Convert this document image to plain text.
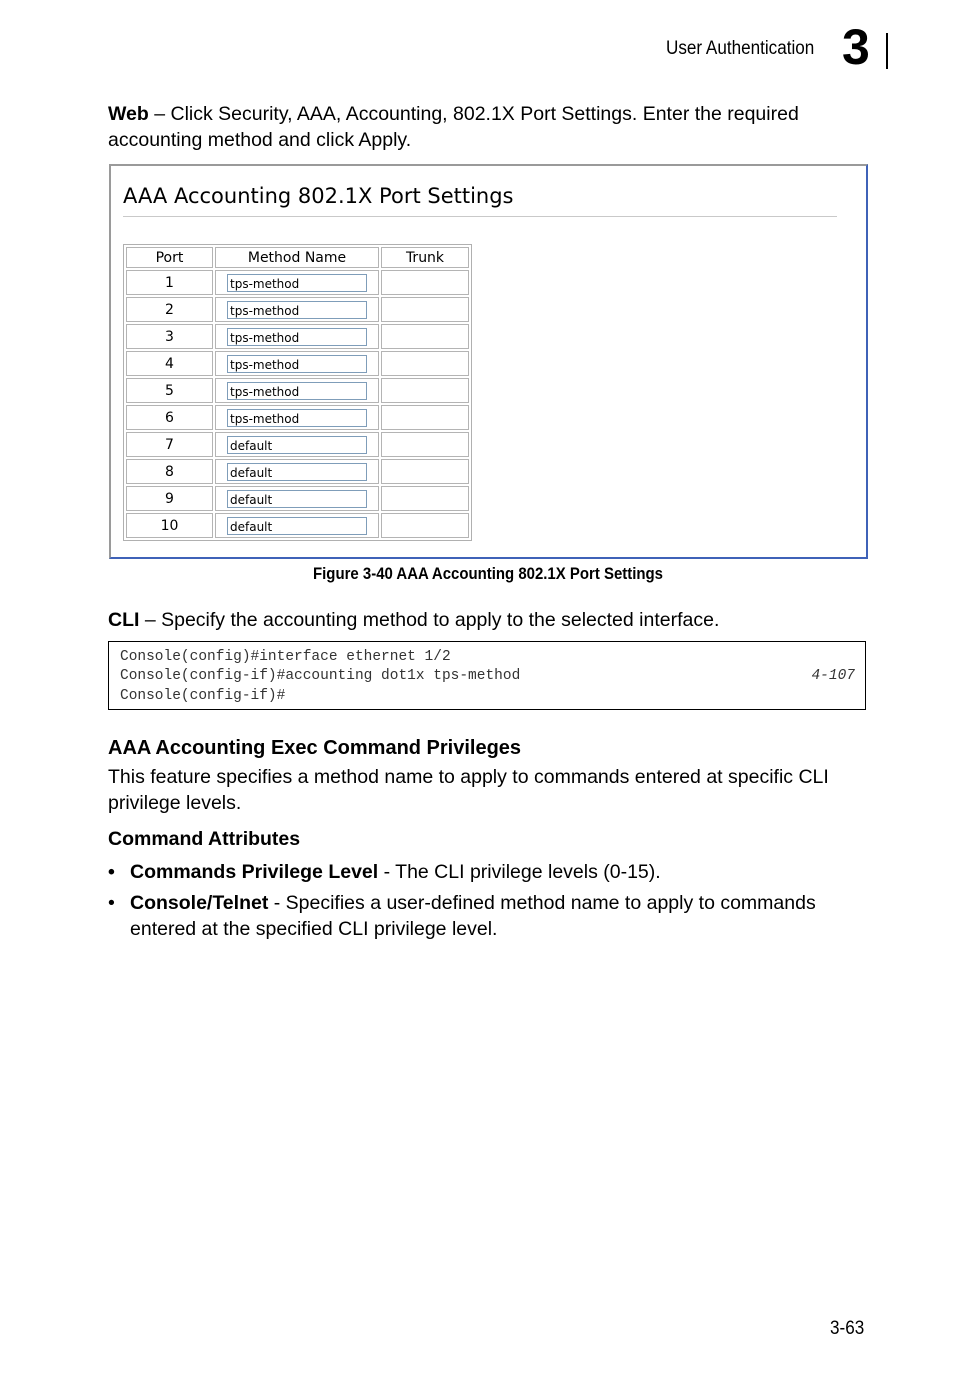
User Authentication 3
Web – Click Security, AAA, Accounting, 802.1X Port Settings. Enter the required accounting method and click Apply.
AAA Accounting 802.1X Port Settings
Port	Method Name	Trunk
1	tps-method	

2	tps-method	

3	tps-method	

4	tps-method	

5	tps-method	

6	tps-method	

7	default	

8	default	

9	default	

10	default	

Figure 3-40 AAA Accounting 802.1X Port Settings
CLI – Specify the accounting method to apply to the selected interface.
Console(config)#interface ethernet 1/2
Console(config-if)#accounting dot1x tps-method	4-107
Console(config-if)#
AAA Accounting Exec Command Privileges
This feature specifies a method name to apply to commands entered at specific CLI privilege levels.
Command Attributes
• Commands Privilege Level - The CLI privilege levels (0-15).
• Console/Telnet - Specifies a user-defined method name to apply to commands entered at the specified CLI privilege level.
3-63
